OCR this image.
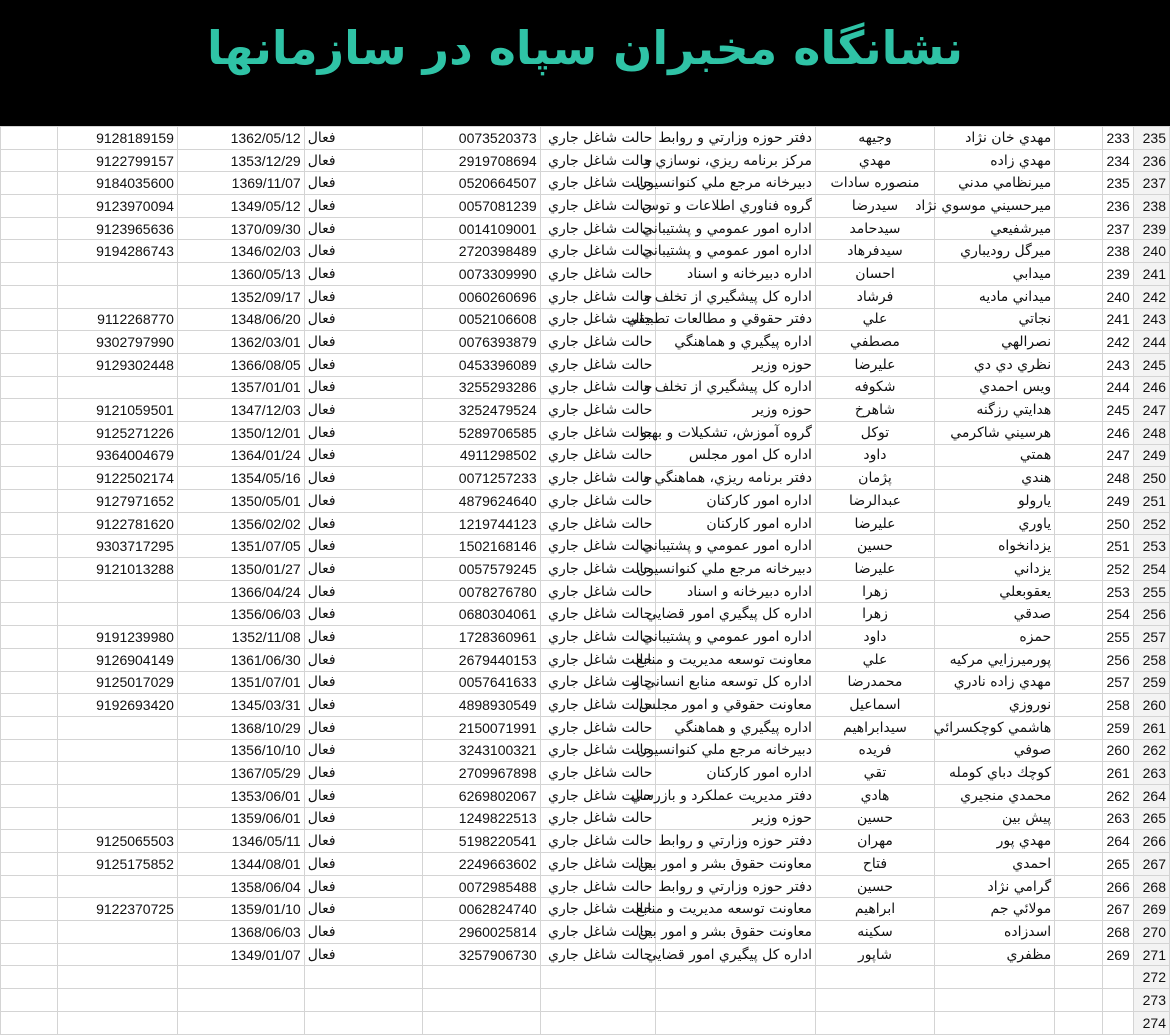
نشانگاه مخبران سپاه در سازمانها
	9128189159	1362/05/12	فعال	0073520373	حالت شاغل جاري	دفتر حوزه وزارتي و روابط	وجيهه	مهدي خان نژاد		233	235
	9122799157	1353/12/29	فعال	2919708694	حالت شاغل جاري	مركز برنامه ريزي، نوسازي و	مهدي	مهدي زاده		234	236
	9184035600	1369/11/07	فعال	0520664507	حالت شاغل جاري	دبيرخانه مرجع ملي كنوانسيون	منصوره سادات	ميرنظامي مدني		235	237
	9123970094	1349/05/12	فعال	0057081239	حالت شاغل جاري	گروه فناوري اطلاعات و توس	سيدرضا	ميرحسيني موسوي نژاد		236	238
	9123965636	1370/09/30	فعال	0014109001	حالت شاغل جاري	اداره امور عمومي و پشتيباني	سيدحامد	ميرشفيعي		237	239
	9194286743	1346/02/03	فعال	2720398489	حالت شاغل جاري	اداره امور عمومي و پشتيباني	سيدفرهاد	ميرگل روديباري		238	240
		1360/05/13	فعال	0073309990	حالت شاغل جاري	اداره دبيرخانه و اسناد	احسان	ميدابي		239	241
		1352/09/17	فعال	0060260696	حالت شاغل جاري	اداره كل پيشگيري از تخلف و	فرشاد	ميداني ماديه		240	242
	9112268770	1348/06/20	فعال	0052106608	حالت شاغل جاري	دفتر حقوقي و مطالعات تطبيقي	علي	نجاتي		241	243
	9302797990	1362/03/01	فعال	0076393879	حالت شاغل جاري	اداره پيگيري و هماهنگي	مصطفي	نصرالهي		242	244
	9129302448	1366/08/05	فعال	0453396089	حالت شاغل جاري	حوزه وزير	عليرضا	نظري دي دي		243	245
		1357/01/01	فعال	3255293286	حالت شاغل جاري	اداره كل پيشگيري از تخلف و	شكوفه	ويس احمدي		244	246
	9121059501	1347/12/03	فعال	3252479524	حالت شاغل جاري	حوزه وزير	شاهرخ	هدايتي رزگنه		245	247
	9125271226	1350/12/01	فعال	5289706585	حالت شاغل جاري	گروه آموزش، تشكيلات و بهبو	توكل	هرسيني شاكرمي		246	248
	9364004679	1364/01/24	فعال	4911298502	حالت شاغل جاري	اداره كل امور مجلس	داود	همتي		247	249
	9122502174	1354/05/16	فعال	0071257233	حالت شاغل جاري	دفتر برنامه ريزي، هماهنگي و	پژمان	هندي		248	250
	9127971652	1350/05/01	فعال	4879624640	حالت شاغل جاري	اداره امور كاركنان	عبدالرضا	يارولو		249	251
	9122781620	1356/02/02	فعال	1219744123	حالت شاغل جاري	اداره امور كاركنان	عليرضا	ياوري		250	252
	9303717295	1351/07/05	فعال	1502168146	حالت شاغل جاري	اداره امور عمومي و پشتيباني	حسين	يزدانخواه		251	253
	9121013288	1350/01/27	فعال	0057579245	حالت شاغل جاري	دبيرخانه مرجع ملي كنوانسيون	عليرضا	يزداني		252	254
		1366/04/24	فعال	0078276780	حالت شاغل جاري	اداره دبيرخانه و اسناد	زهرا	يعقوبعلي		253	255
		1356/06/03	فعال	0680304061	حالت شاغل جاري	اداره كل پيگيري امور قضايي	زهرا	صدقي		254	256
	9191239980	1352/11/08	فعال	1728360961	حالت شاغل جاري	اداره امور عمومي و پشتيباني	داود	حمزه		255	257
	9126904149	1361/06/30	فعال	2679440153	حالت شاغل جاري	معاونت توسعه مديريت و منابع	علي	پورميرزايي مركيه		256	258
	9125017029	1351/07/01	فعال	0057641633	حالت شاغل جاري	اداره كل توسعه منابع انساني و	محمدرضا	مهدي زاده نادري		257	259
	9192693420	1345/03/31	فعال	4898930549	حالت شاغل جاري	معاونت حقوقي و امور مجلس	اسماعيل	نوروزي		258	260
		1368/10/29	فعال	2150071991	حالت شاغل جاري	اداره پيگيري و هماهنگي	سيدابراهيم	هاشمي كوچكسرائي		259	261
		1356/10/10	فعال	3243100321	حالت شاغل جاري	دبيرخانه مرجع ملي كنوانسيون	فريده	صوفي		260	262
		1367/05/29	فعال	2709967898	حالت شاغل جاري	اداره امور كاركنان	تقي	كوچك دباي كومله		261	263
		1353/06/01	فعال	6269802067	حالت شاغل جاري	دفتر مديريت عملكرد و بازرسي	هادي	محمدي منجيري		262	264
		1359/06/01	فعال	1249822513	حالت شاغل جاري	حوزه وزير	حسين	پيش بين		263	265
	9125065503	1346/05/11	فعال	5198220541	حالت شاغل جاري	دفتر حوزه وزارتي و روابط	مهران	مهدي پور		264	266
	9125175852	1344/08/01	فعال	2249663602	حالت شاغل جاري	معاونت حقوق بشر و امور بين	فتاح	احمدي		265	267
		1358/06/04	فعال	0072985488	حالت شاغل جاري	دفتر حوزه وزارتي و روابط	حسين	گرامي نژاد		266	268
	9122370725	1359/01/10	فعال	0062824740	حالت شاغل جاري	معاونت توسعه مديريت و منابع	ابراهيم	مولائي جم		267	269
		1368/06/03	فعال	2960025814	حالت شاغل جاري	معاونت حقوق بشر و امور بين	سكينه	اسدزاده		268	270
		1349/01/07	فعال	3257906730	حالت شاغل جاري	اداره كل پيگيري امور قضايي	شاپور	مظفري		269	271
											272
											273
											274
